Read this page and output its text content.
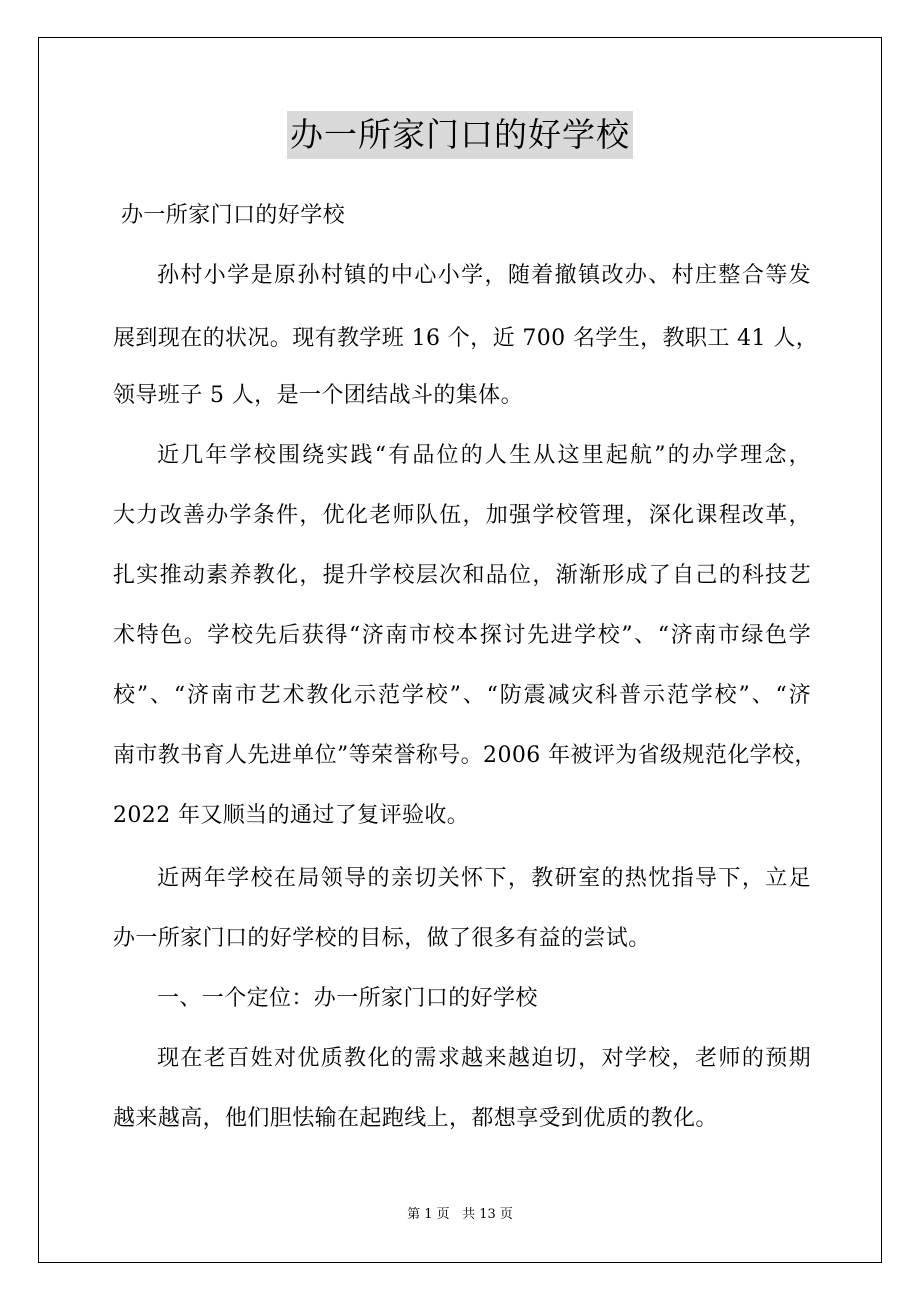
办一所家门口的好学校
办一所家门口的好学校
孙村小学是原孙村镇的中心小学，随着撤镇改办、村庄整合等发
展到现在的状况。现有教学班 16 个，近 700 名学生，教职工 41 人，
领导班子 5 人，是一个团结战斗的集体。
近几年学校围绕实践“有品位的人生从这里起航”的办学理念，
大力改善办学条件，优化老师队伍，加强学校管理，深化课程改革，
扎实推动素养教化，提升学校层次和品位，渐渐形成了自己的科技艺
术特色。学校先后获得“济南市校本探讨先进学校”、“济南市绿色学
校”、“济南市艺术教化示范学校”、“防震减灾科普示范学校”、“济
南市教书育人先进单位”等荣誉称号。2006 年被评为省级规范化学校，
2022 年又顺当的通过了复评验收。
近两年学校在局领导的亲切关怀下，教研室的热忱指导下，立足
办一所家门口的好学校的目标，做了很多有益的尝试。
一、一个定位：办一所家门口的好学校
现在老百姓对优质教化的需求越来越迫切，对学校，老师的预期
越来越高，他们胆怯输在起跑线上，都想享受到优质的教化。
第 1 页 共 13 页
